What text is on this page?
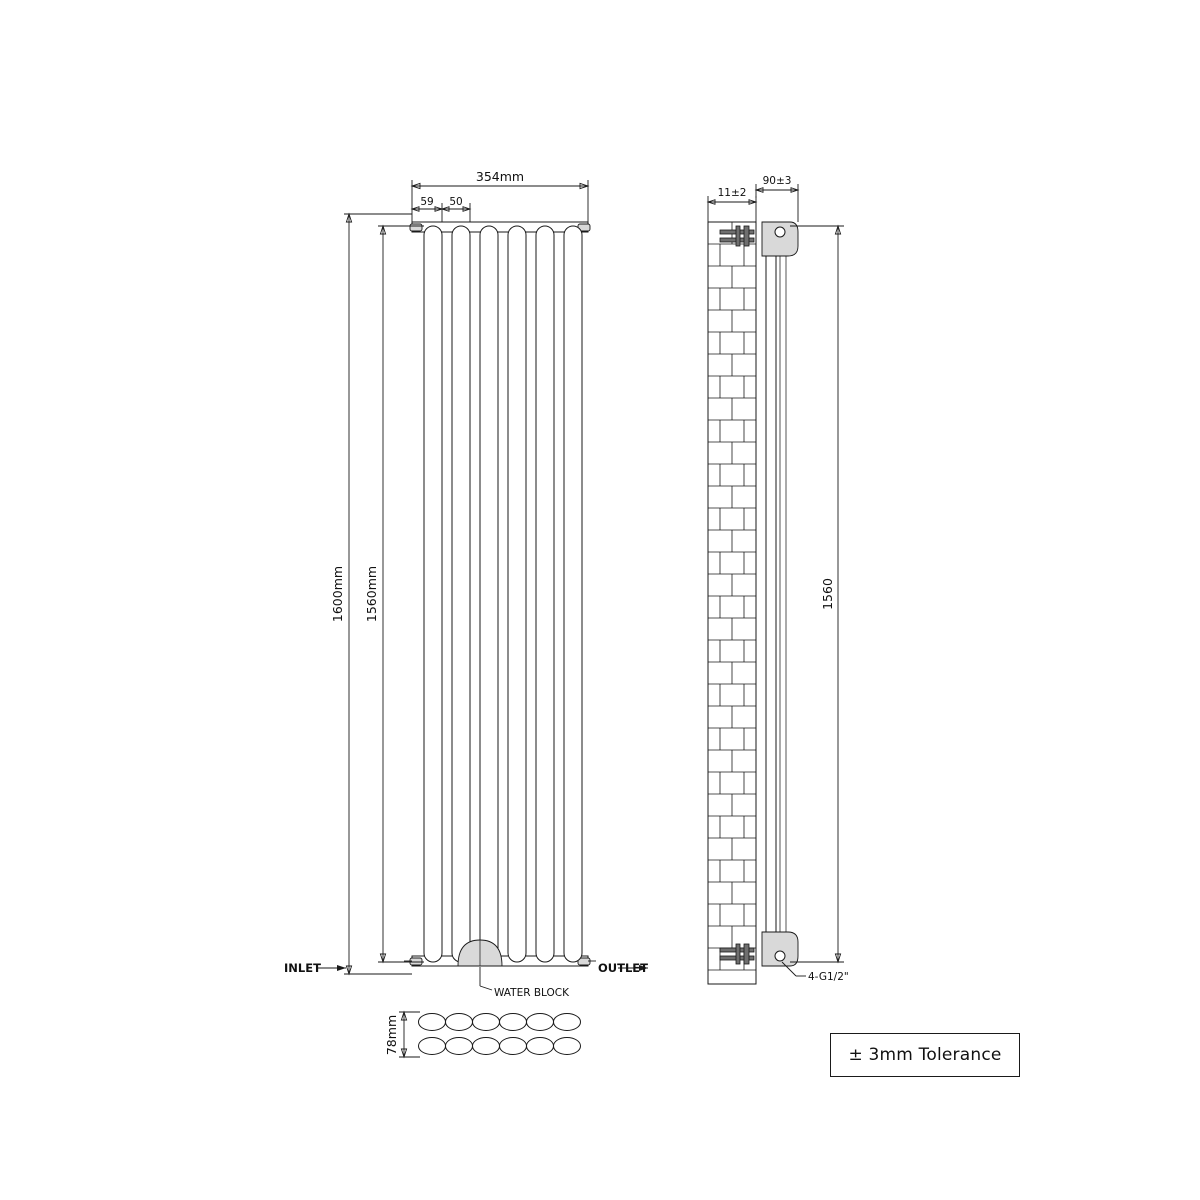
354mm
59 50
1600mm 1560mm
INLET	OUTLET
WATER BLOCK
78mm
11±2
90±3
1560
4-G1/2"
± 3mm Tolerance
